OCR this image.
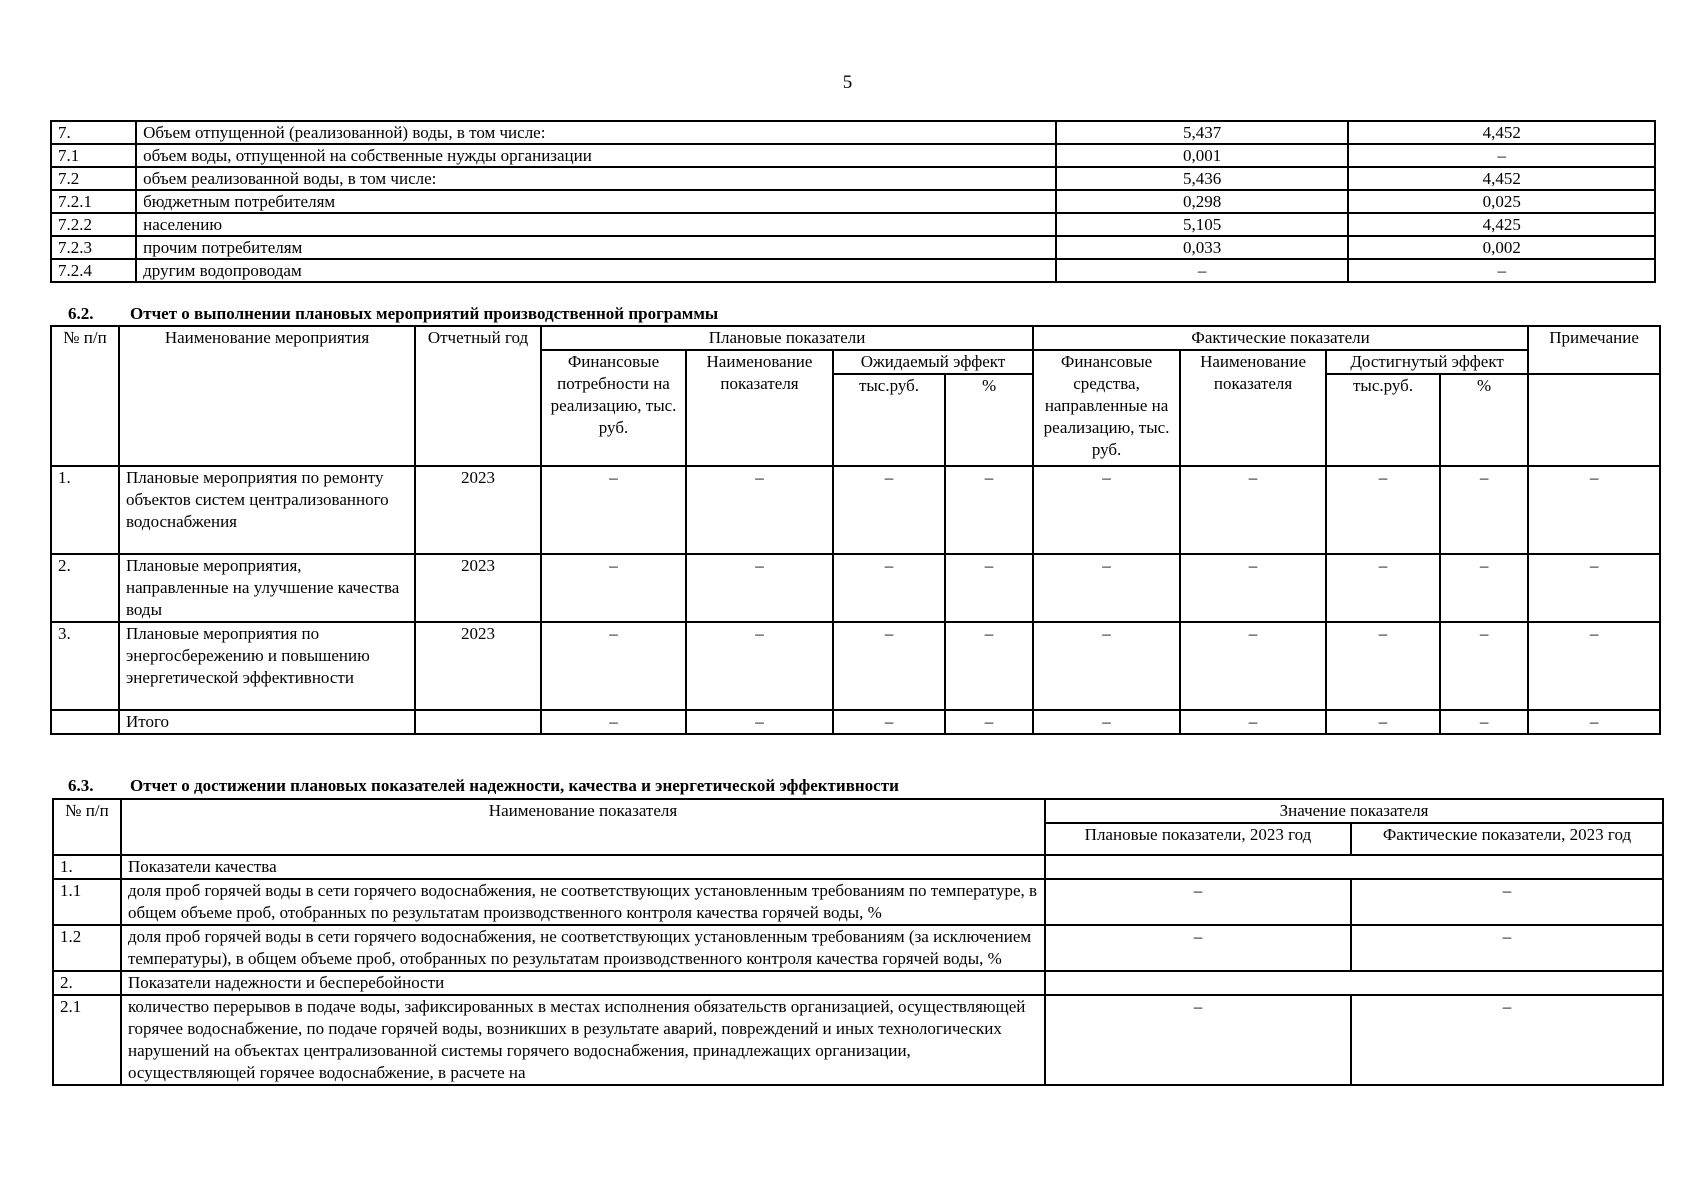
5
7.	Объем отпущенной (реализованной) воды, в том числе:	5,437	4,452
7.1	объем воды, отпущенной на собственные нужды организации	0,001	–
7.2	объем реализованной воды, в том числе:	5,436	4,452
7.2.1	бюджетным потребителям	0,298	0,025
7.2.2	населению	5,105	4,425
7.2.3	прочим потребителям	0,033	0,002
7.2.4	другим водопроводам	–	–
6.2. Отчет о выполнении плановых мероприятий производственной программы
№ п/п	Наименование мероприятия	Отчетный год	Плановые показатели				Фактические показатели				Примечание
			Финансовые потребности на реализацию, тыс. руб.	Наименование показателя	Ожидаемый эффект		Финансовые средства, направленные на реализацию, тыс. руб.	Наименование показателя	Достигнутый эффект		
					тыс.руб.	%			тыс.руб.	%	
1.	Плановые мероприятия по ремонту объектов систем централизованного водоснабжения	2023	–	–	–	–	–	–	–	–	–
2.	Плановые мероприятия, направленные на улучшение качества воды	2023	–	–	–	–	–	–	–	–	–
3.	Плановые мероприятия по энергосбережению и повышению энергетической эффективности	2023	–	–	–	–	–	–	–	–	–
	Итого		–	–	–	–	–	–	–	–	–
6.3. Отчет о достижении плановых показателей надежности, качества и энергетической эффективности
№ п/п	Наименование показателя	Значение показателя	
		Плановые показатели, 2023 год	Фактические показатели, 2023 год
1.	Показатели качества		
1.1	доля проб горячей воды в сети горячего водоснабжения, не соответствующих установленным требованиям по температуре, в общем объеме проб, отобранных по результатам производственного контроля качества горячей воды, %	–	–
1.2	доля проб горячей воды в сети горячего водоснабжения, не соответствующих установленным требованиям (за исключением температуры), в общем объеме проб, отобранных по результатам производственного контроля качества горячей воды, %	–	–
2.	Показатели надежности и бесперебойности		
2.1	количество перерывов в подаче воды, зафиксированных в местах исполнения обязательств организацией, осуществляющей горячее водоснабжение, по подаче горячей воды, возникших в результате аварий, повреждений и иных технологических нарушений на объектах централизованной системы горячего водоснабжения, принадлежащих организации, осуществляющей горячее водоснабжение, в расчете на	–	–
